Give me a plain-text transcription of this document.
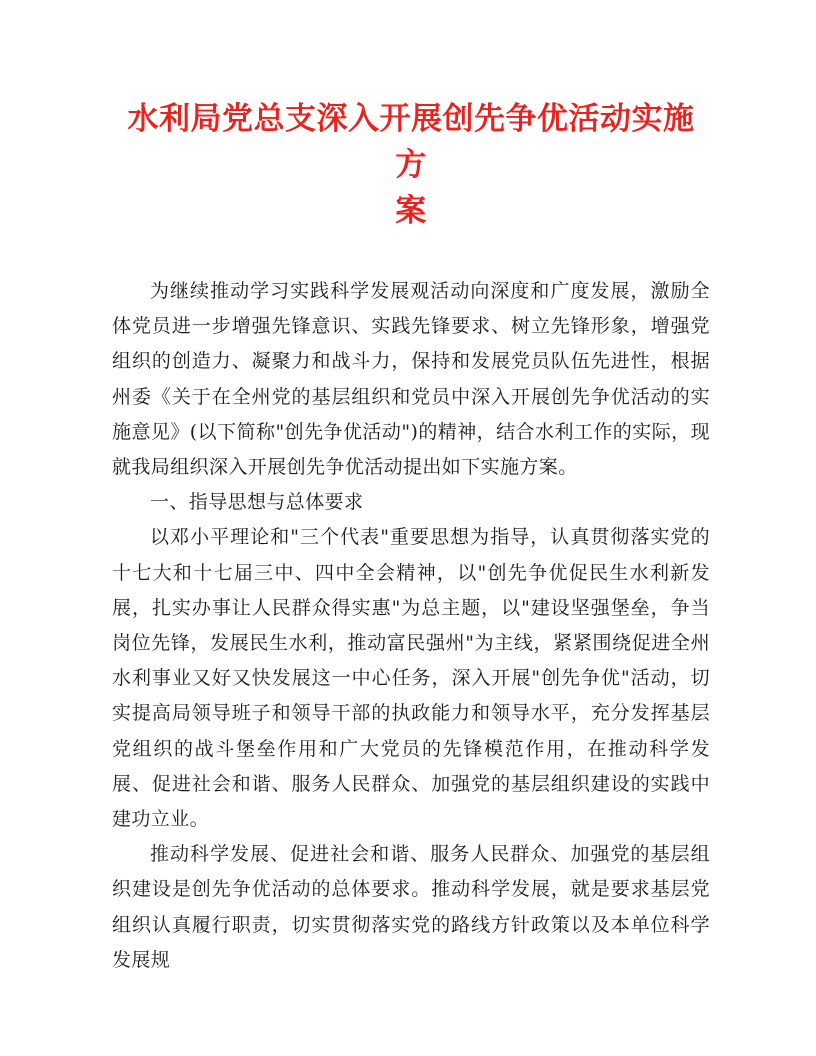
水利局党总支深入开展创先争优活动实施方
案

为继续推动学习实践科学发展观活动向深度和广度发展，激励全体党员进一步增强先锋意识、实践先锋要求、树立先锋形象，增强党组织的创造力、凝聚力和战斗力，保持和发展党员队伍先进性，根据州委《关于在全州党的基层组织和党员中深入开展创先争优活动的实施意见》(以下简称"创先争优活动")的精神，结合水利工作的实际，现就我局组织深入开展创先争优活动提出如下实施方案。

一、指导思想与总体要求

以邓小平理论和"三个代表"重要思想为指导，认真贯彻落实党的十七大和十七届三中、四中全会精神，以"创先争优促民生水利新发展，扎实办事让人民群众得实惠"为总主题，以"建设坚强堡垒，争当岗位先锋，发展民生水利，推动富民强州"为主线，紧紧围绕促进全州水利事业又好又快发展这一中心任务，深入开展"创先争优"活动，切实提高局领导班子和领导干部的执政能力和领导水平，充分发挥基层党组织的战斗堡垒作用和广大党员的先锋模范作用，在推动科学发展、促进社会和谐、服务人民群众、加强党的基层组织建设的实践中建功立业。

推动科学发展、促进社会和谐、服务人民群众、加强党的基层组织建设是创先争优活动的总体要求。推动科学发展，就是要求基层党组织认真履行职责，切实贯彻落实党的路线方针政策以及本单位科学发展规
